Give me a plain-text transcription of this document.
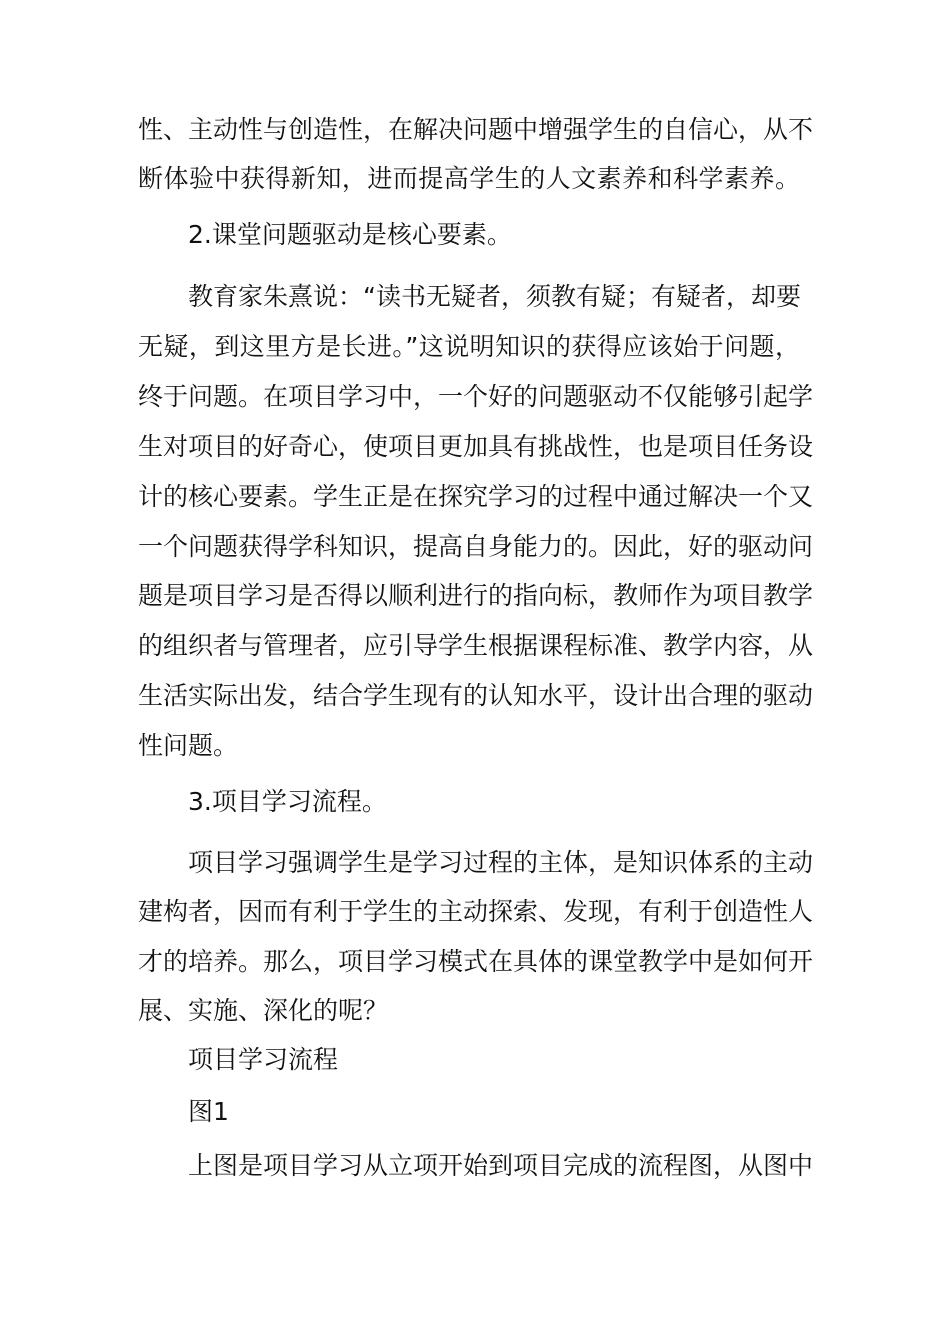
性、主动性与创造性，在解决问题中增强学生的自信心，从不
断体验中获得新知，进而提高学生的人文素养和科学素养。
2.课堂问题驱动是核心要素。
教育家朱熹说：“读书无疑者，须教有疑；有疑者，却要
无疑，到这里方是长进。”这说明知识的获得应该始于问题，
终于问题。在项目学习中，一个好的问题驱动不仅能够引起学
生对项目的好奇心，使项目更加具有挑战性，也是项目任务设
计的核心要素。学生正是在探究学习的过程中通过解决一个又
一个问题获得学科知识，提高自身能力的。因此，好的驱动问
题是项目学习是否得以顺利进行的指向标，教师作为项目教学
的组织者与管理者，应引导学生根据课程标准、教学内容，从
生活实际出发，结合学生现有的认知水平，设计出合理的驱动
性问题。
3.项目学习流程。
项目学习强调学生是学习过程的主体，是知识体系的主动
建构者，因而有利于学生的主动探索、发现，有利于创造性人
才的培养。那么，项目学习模式在具体的课堂教学中是如何开
展、实施、深化的呢？
项目学习流程
图1
上图是项目学习从立项开始到项目完成的流程图，从图中
